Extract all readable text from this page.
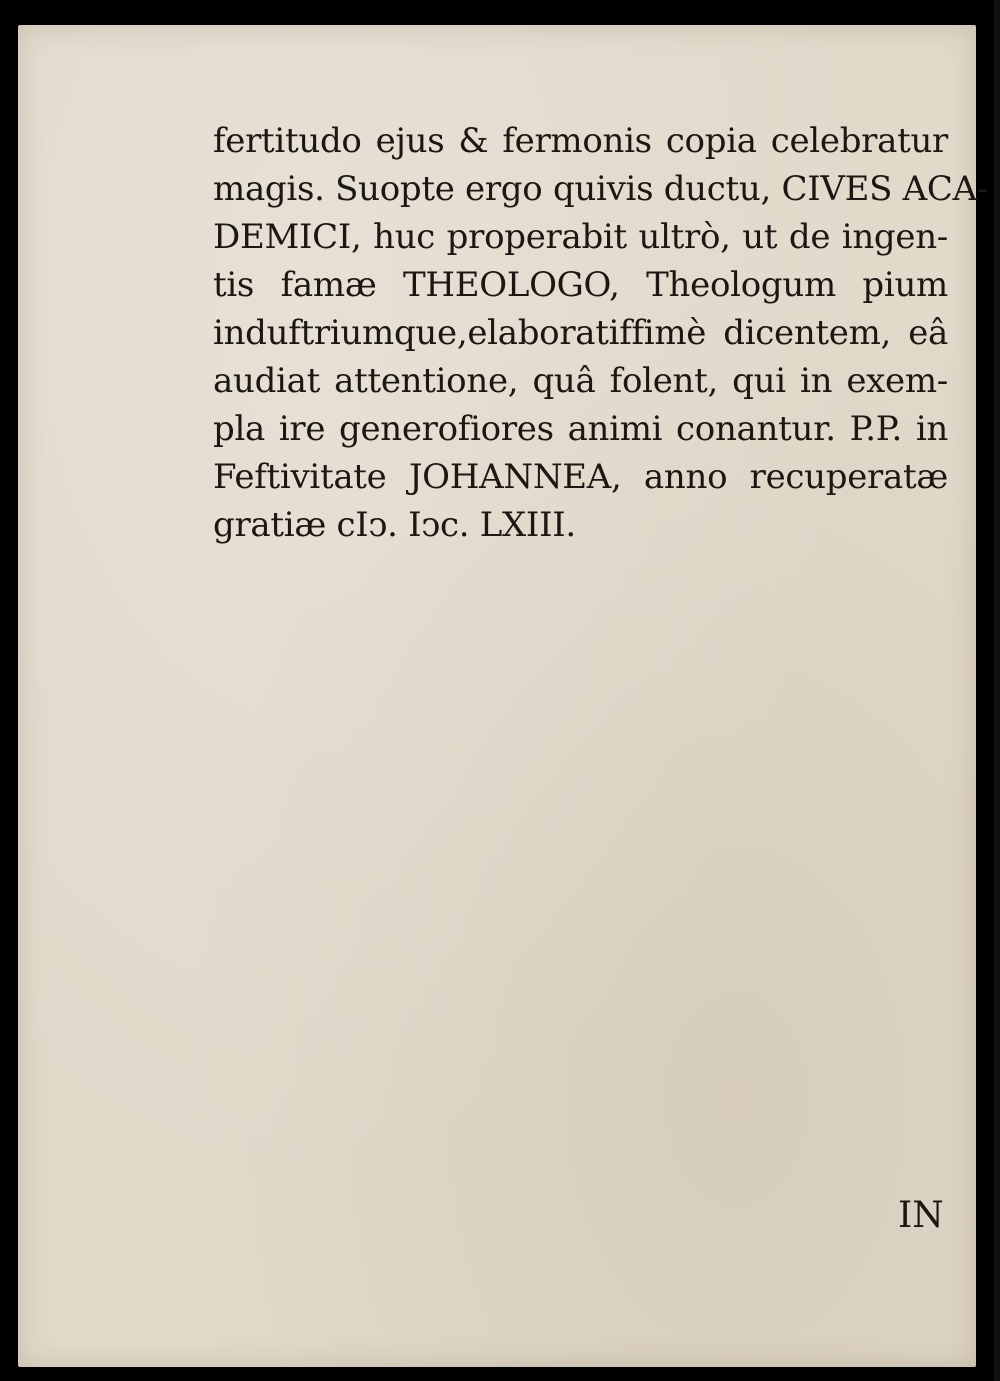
fertitudo ejus & fermonis copia celebratur
magis. Suopte ergo quivis ductu, CIVES ACA-
DEMICI, huc properabit ultrò, ut de ingen-
tis famæ THEOLOGO, Theologum pium
induftriumque,elaboratiffimè dicentem, eâ
audiat attentione, quâ folent, qui in exem-
pla ire generofiores animi conantur. P.P. in
Feftivitate JOHANNEA, anno recuperatæ
gratiæ cIↄ. Iↄc. LXIII.
IN
